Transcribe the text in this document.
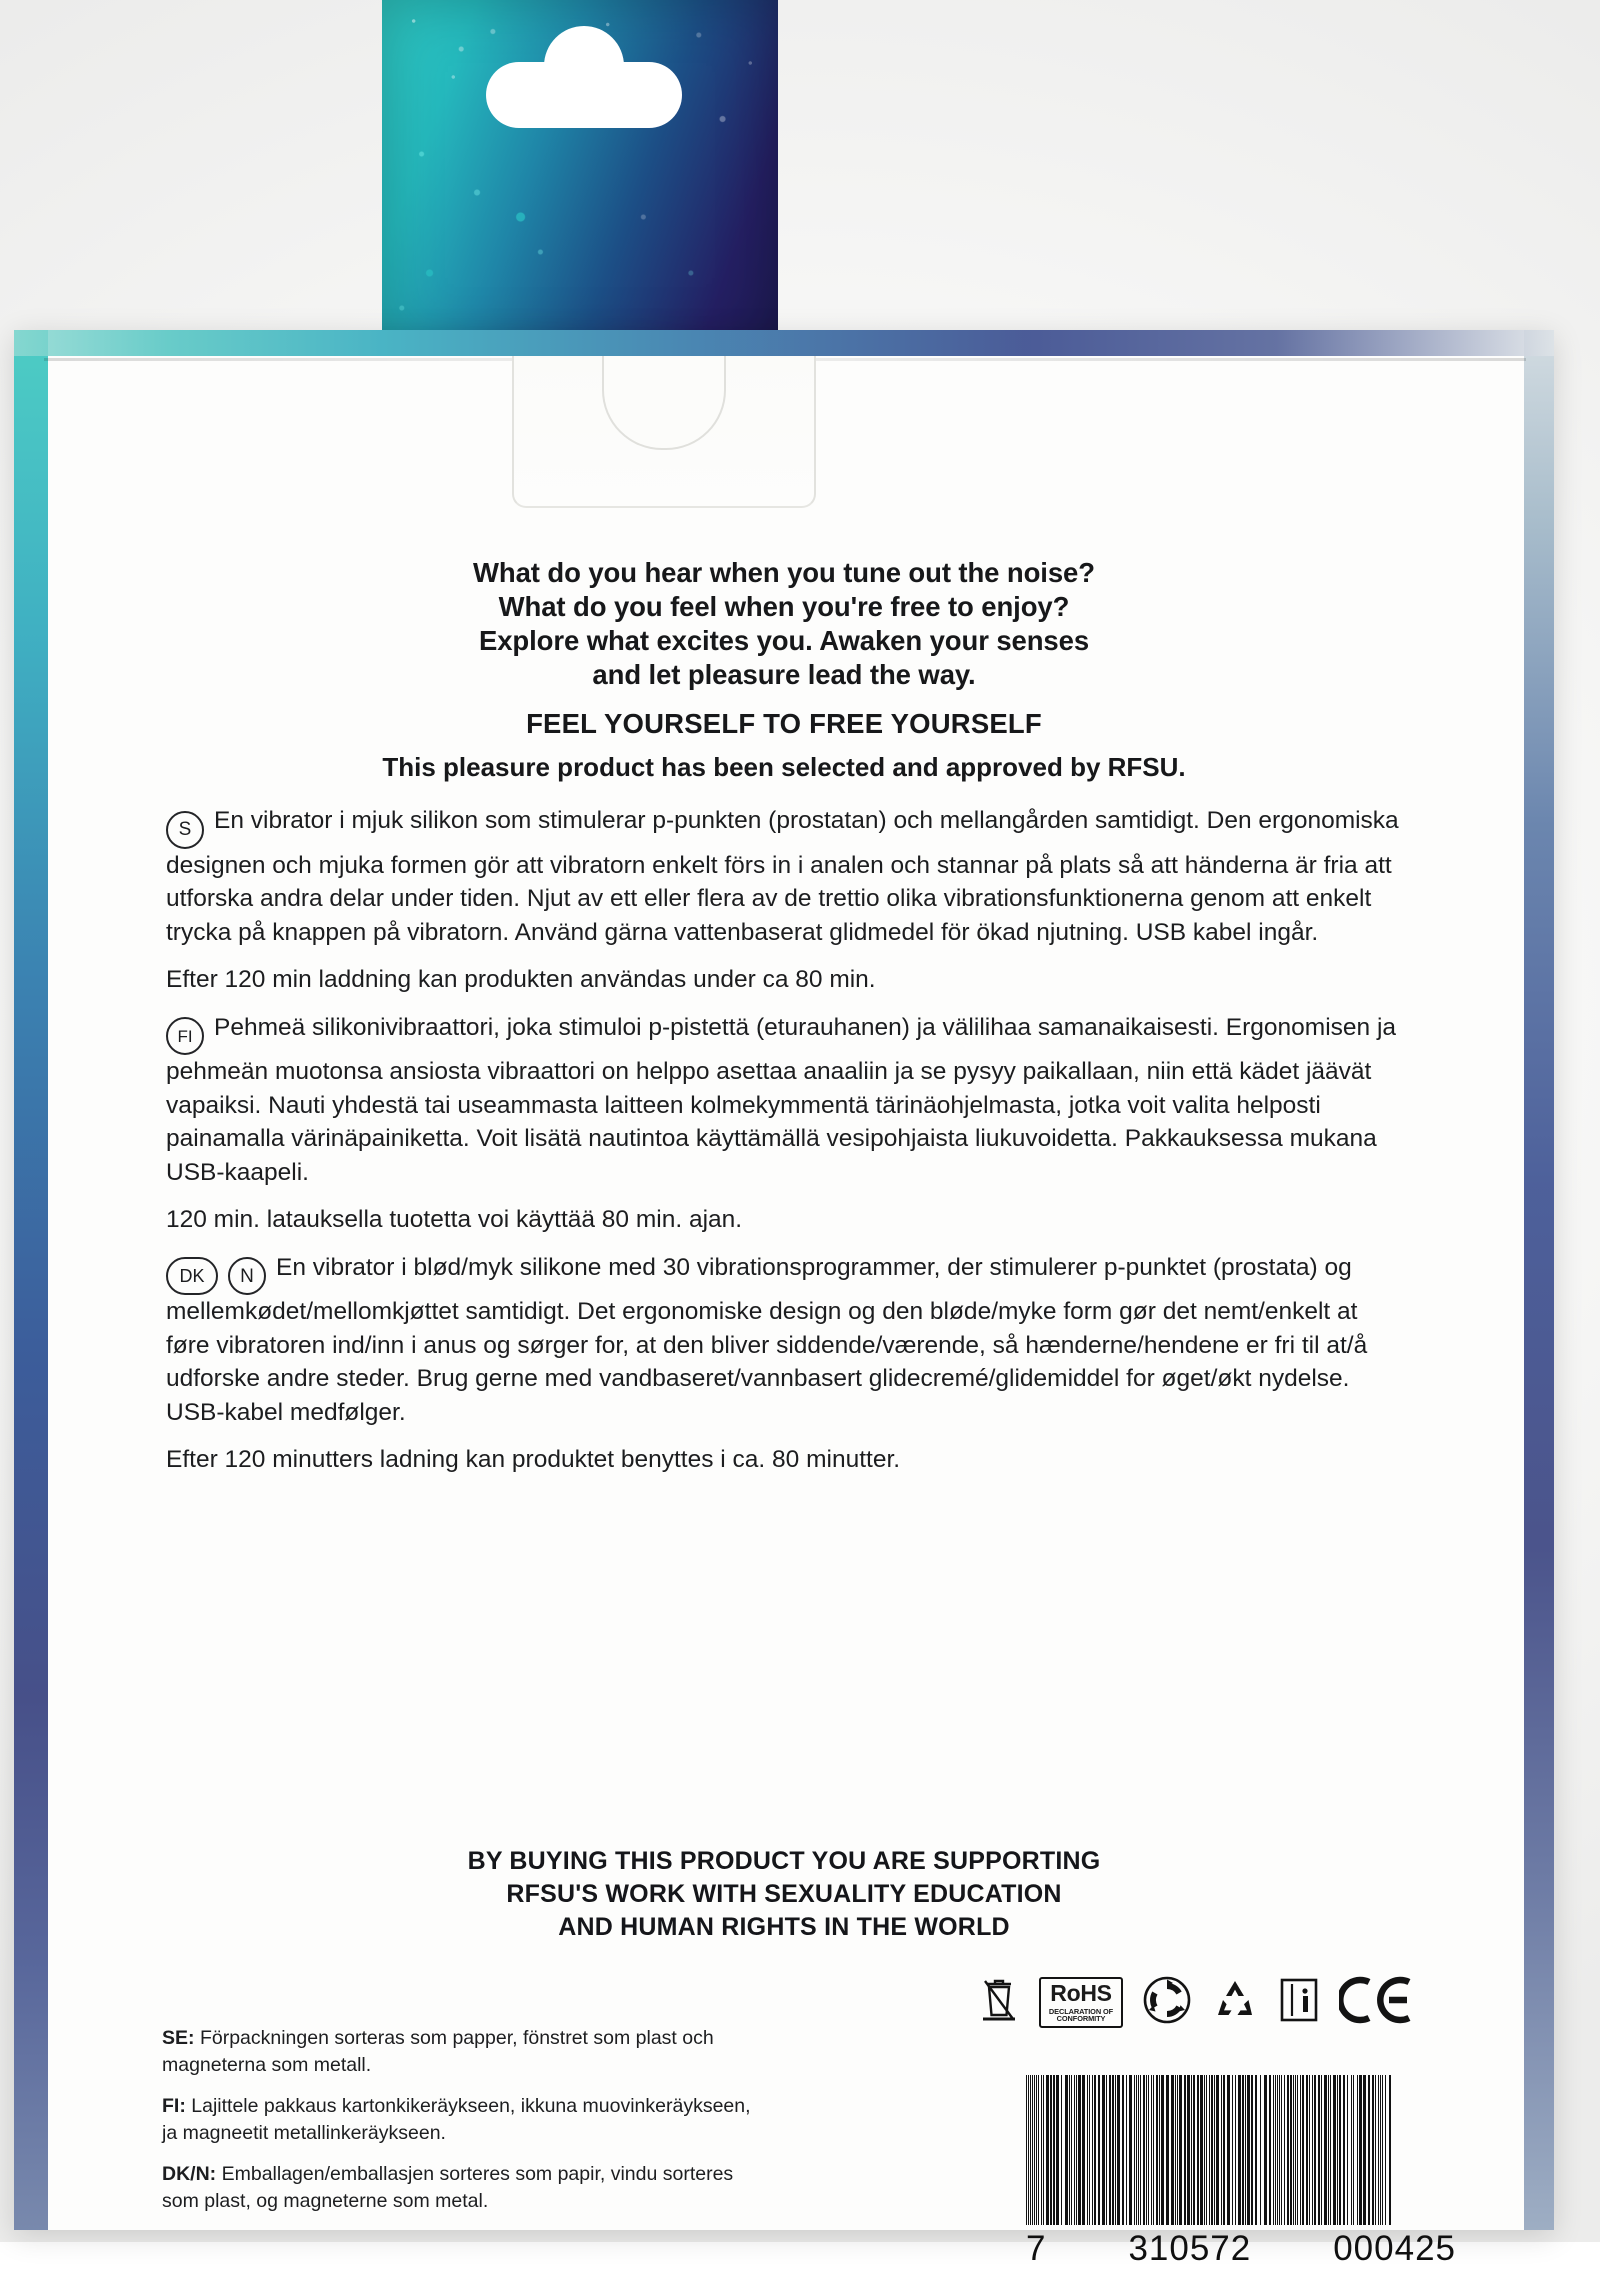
What do you hear when you tune out the noise?
What do you feel when you're free to enjoy?
Explore what excites you. Awaken your senses
and let pleasure lead the way.
FEEL YOURSELF TO FREE YOURSELF
This pleasure product has been selected and approved by RFSU.

S En vibrator i mjuk silikon som stimulerar p-punkten (prostatan) och mellangården samtidigt. Den ergonomiska designen och mjuka formen gör att vibratorn enkelt förs in i analen och stannar på plats så att händerna är fria att utforska andra delar under tiden. Njut av ett eller flera av de trettio olika vibrationsfunktionerna genom att enkelt trycka på knappen på vibratorn. Använd gärna vattenbaserat glidmedel för ökad njutning. USB kabel ingår.

Efter 120 min laddning kan produkten användas under ca 80 min.

FI Pehmeä silikonivibraattori, joka stimuloi p-pistettä (eturauhanen) ja välilihaa samanaikaisesti. Ergonomisen ja pehmeän muotonsa ansiosta vibraattori on helppo asettaa anaaliin ja se pysyy paikallaan, niin että kädet jäävät vapaiksi. Nauti yhdestä tai useammasta laitteen kolmekymmentä tärinäohjelmasta, jotka voit valita helposti painamalla värinäpainiketta. Voit lisätä nautintoa käyttämällä vesipohjaista liukuvoidetta. Pakkauksessa mukana USB-kaapeli.

120 min. latauksella tuotetta voi käyttää 80 min. ajan.

DK N En vibrator i blød/myk silikone med 30 vibrationsprogrammer, der stimulerer p-punktet (prostata) og mellemkødet/mellomkjøttet samtidigt. Det ergonomiske design og den bløde/myke form gør det nemt/enkelt at føre vibratoren ind/inn i anus og sørger for, at den bliver siddende/værende, så hænderne/hendene er fri til at/å udforske andre steder. Brug gerne med vandbaseret/vannbasert glidecremé/glidemiddel for øget/økt nydelse. USB-kabel medfølger.

Efter 120 minutters ladning kan produktet benyttes i ca. 80 minutter.

BY BUYING THIS PRODUCT YOU ARE SUPPORTING
RFSU'S WORK WITH SEXUALITY EDUCATION
AND HUMAN RIGHTS IN THE WORLD

SE: Förpackningen sorteras som papper, fönstret som plast och magneterna som metall.

FI: Lajittele pakkaus kartonkikeräykseen, ikkuna muovinkeräykseen, ja magneetit metallinkeräykseen.

DK/N: Emballagen/emballasjen sorteres som papir, vindu sorteres som plast, og magneterne som metal.

RoHS
DECLARATION OF
CONFORMITY
7 310572 000425
